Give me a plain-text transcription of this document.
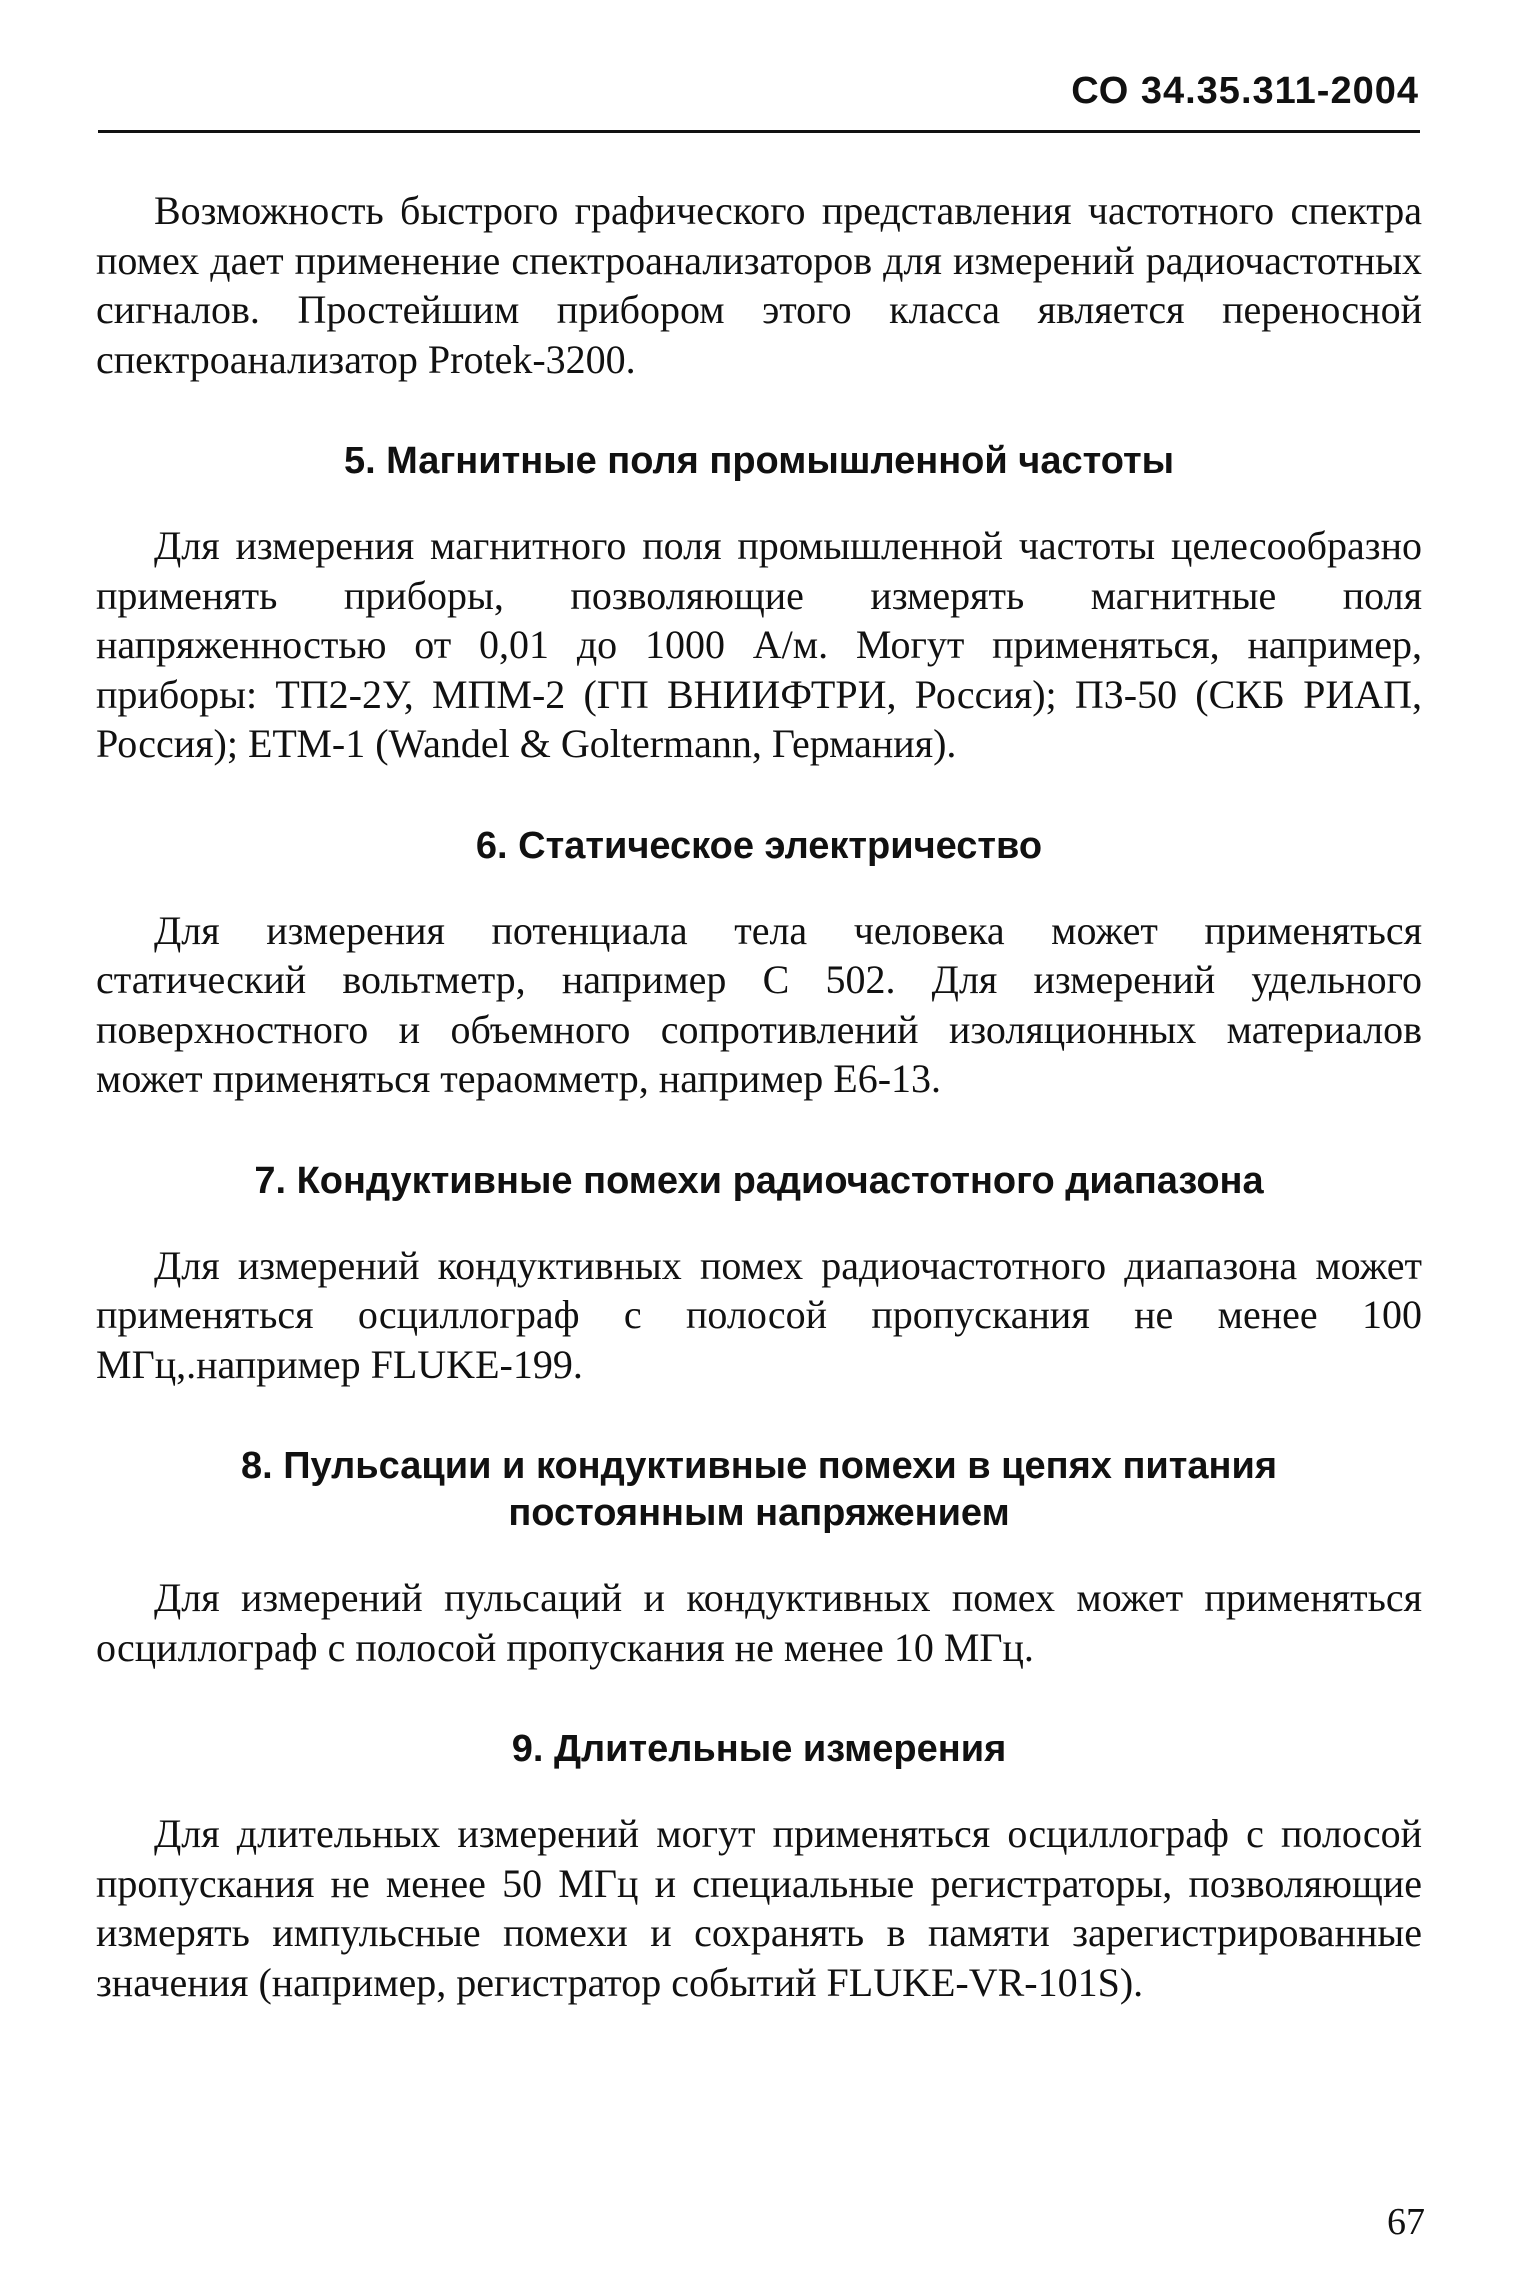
СО 34.35.311-2004

Возможность быстрого графического представления частотного спектра помех дает применение спектроанализаторов для измерений радиочастотных сигналов. Простейшим прибором этого класса является переносной спектроанализатор Protek-3200.

5. Магнитные поля промышленной частоты

Для измерения магнитного поля промышленной частоты целесообразно применять приборы, позволяющие измерять магнитные поля напряженностью от 0,01 до 1000 А/м. Могут применяться, например, приборы: ТП2-2У, МПМ-2 (ГП ВНИИФТРИ, Россия); ПЗ-50 (СКБ РИАП, Россия); ЕТМ-1 (Wandel & Goltermann, Германия).

6. Статическое электричество

Для измерения потенциала тела человека может применяться статический вольтметр, например С 502. Для измерений удельного поверхностного и объемного сопротивлений изоляционных материалов может применяться тераомметр, например Е6-13.

7. Кондуктивные помехи радиочастотного диапазона

Для измерений кондуктивных помех радиочастотного диапазона может применяться осциллограф с полосой пропускания не менее 100 МГц,.например FLUKE-199.

8. Пульсации и кондуктивные помехи в цепях питания
постоянным напряжением

Для измерений пульсаций и кондуктивных помех может применяться осциллограф с полосой пропускания не менее 10 МГц.

9. Длительные измерения

Для длительных измерений могут применяться осциллограф с полосой пропускания не менее 50 МГц и специальные регистраторы, позволяющие измерять импульсные помехи и сохранять в памяти зарегистрированные значения (например, регистратор событий FLUKE-VR-101S).

67
